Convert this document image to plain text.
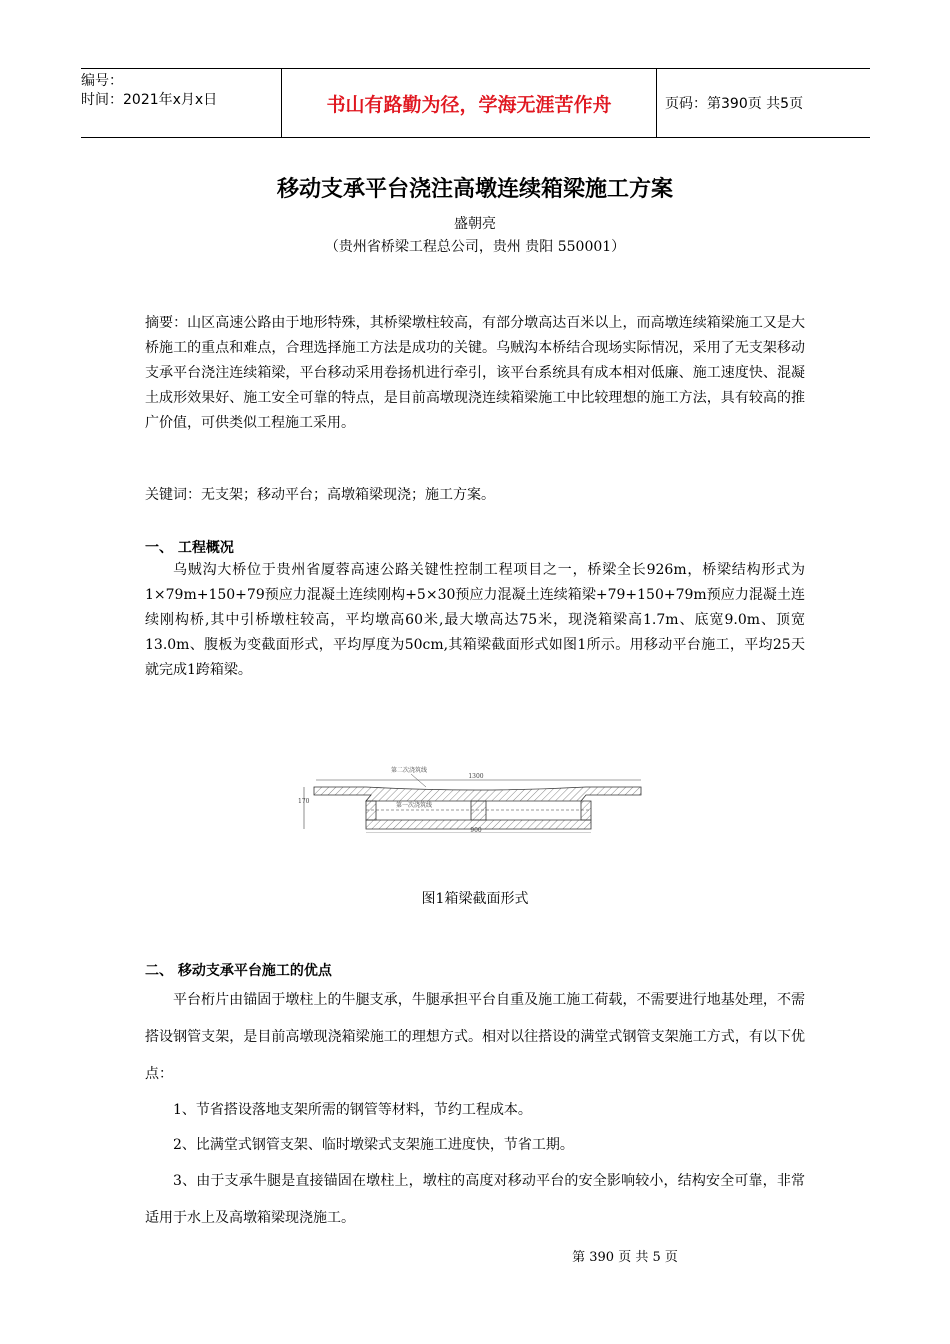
编号：
时间：2021年x月x日	书山有路勤为径，学海无涯苦作舟	页码：第390页 共5页
移动支承平台浇注高墩连续箱梁施工方案
盛朝亮
（贵州省桥梁工程总公司，贵州 贵阳 550001）
摘要：山区高速公路由于地形特殊，其桥梁墩柱较高，有部分墩高达百米以上，而高墩连续箱梁施工又是大桥施工的重点和难点，合理选择施工方法是成功的关键。乌贼沟本桥结合现场实际情况，采用了无支架移动支承平台浇注连续箱梁，平台移动采用卷扬机进行牵引，该平台系统具有成本相对低廉、施工速度快、混凝土成形效果好、施工安全可靠的特点，是目前高墩现浇连续箱梁施工中比较理想的施工方法，具有较高的推广价值，可供类似工程施工采用。
关键词：无支架；移动平台；高墩箱梁现浇；施工方案。
一、 工程概况
乌贼沟大桥位于贵州省厦蓉高速公路关键性控制工程项目之一，桥梁全长926m，桥梁结构形式为1×79m+150+79预应力混凝土连续刚构+5×30预应力混凝土连续箱梁+79+150+79m预应力混凝土连续刚构桥,其中引桥墩柱较高，平均墩高60米,最大墩高达75米，现浇箱梁高1.7m、底宽9.0m、顶宽13.0m、腹板为变截面形式，平均厚度为50cm,其箱梁截面形式如图1所示。用移动平台施工，平均25天就完成1跨箱梁。
1300
第二次浇筑线
第一次浇筑线
900
170
图1箱梁截面形式
二、 移动支承平台施工的优点
平台桁片由锚固于墩柱上的牛腿支承，牛腿承担平台自重及施工施工荷载，不需要进行地基处理，不需搭设钢管支架，是目前高墩现浇箱梁施工的理想方式。相对以往搭设的满堂式钢管支架施工方式，有以下优点：
1、节省搭设落地支架所需的钢管等材料，节约工程成本。
2、比满堂式钢管支架、临时墩梁式支架施工进度快，节省工期。
3、由于支承牛腿是直接锚固在墩柱上，墩柱的高度对移动平台的安全影响较小，结构安全可靠，非常适用于水上及高墩箱梁现浇施工。
第 390 页 共 5 页
